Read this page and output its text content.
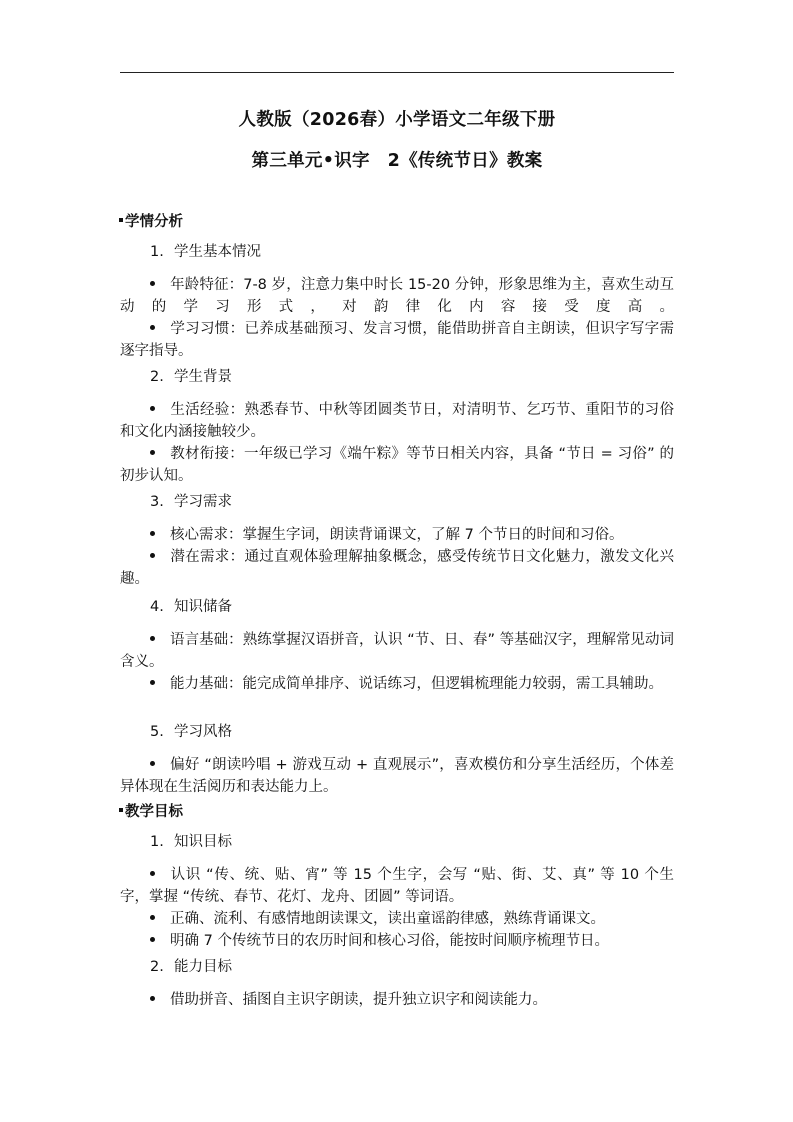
人教版（2026春）小学语文二年级下册
第三单元•识字　2《传统节日》教案
学情分析
1. 学生基本情况
年龄特征：7-8 岁，注意力集中时长 15-20 分钟，形象思维为主，喜欢生动互动的学习形式，对韵律化内容接受度高。
学习习惯：已养成基础预习、发言习惯，能借助拼音自主朗读，但识字写字需逐字指导。
2. 学生背景
生活经验：熟悉春节、中秋等团圆类节日，对清明节、乞巧节、重阳节的习俗和文化内涵接触较少。
教材衔接：一年级已学习《端午粽》等节日相关内容，具备 “节日 = 习俗” 的初步认知。
3. 学习需求
核心需求：掌握生字词，朗读背诵课文，了解 7 个节日的时间和习俗。
潜在需求：通过直观体验理解抽象概念，感受传统节日文化魅力，激发文化兴趣。
4. 知识储备
语言基础：熟练掌握汉语拼音，认识 “节、日、春” 等基础汉字，理解常见动词含义。
能力基础：能完成简单排序、说话练习，但逻辑梳理能力较弱，需工具辅助。
5. 学习风格
偏好 “朗读吟唱 + 游戏互动 + 直观展示”，喜欢模仿和分享生活经历，个体差异体现在生活阅历和表达能力上。
教学目标
1. 知识目标
认识 “传、统、贴、宵” 等 15 个生字，会写 “贴、街、艾、真” 等 10 个生字，掌握 “传统、春节、花灯、龙舟、团圆” 等词语。
正确、流利、有感情地朗读课文，读出童谣韵律感，熟练背诵课文。
明确 7 个传统节日的农历时间和核心习俗，能按时间顺序梳理节日。
2. 能力目标
借助拼音、插图自主识字朗读，提升独立识字和阅读能力。
